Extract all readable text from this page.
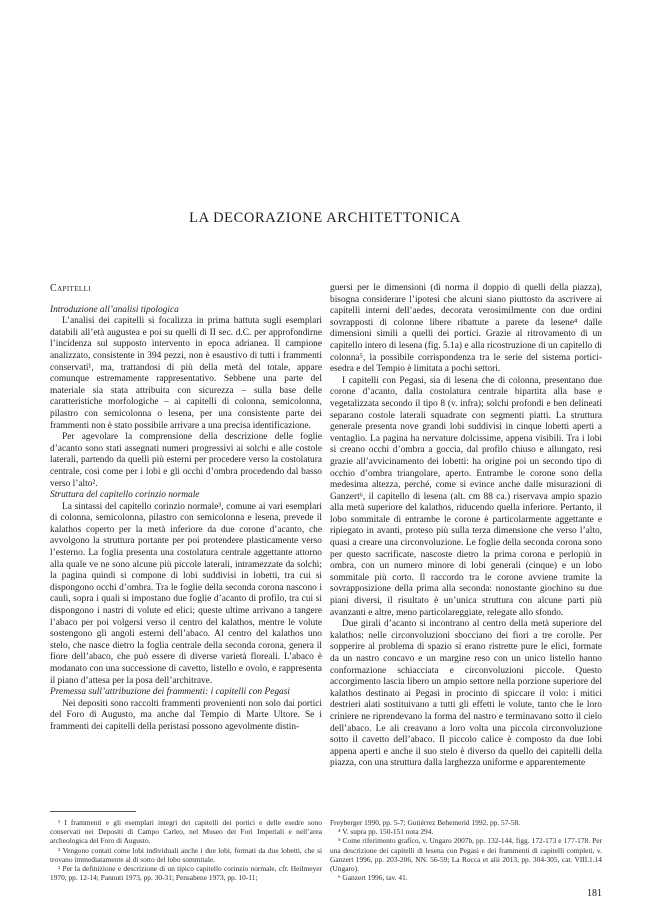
LA DECORAZIONE ARCHITETTONICA
Capitelli

Introduzione all’analisi tipologica

L’analisi dei capitelli si focalizza in prima battuta sugli esemplari databili all’età augustea e poi su quelli di II sec. d.C. per approfondirne l’incidenza sul supposto intervento in epoca adrianea. Il campione analizzato, consistente in 394 pezzi, non è esaustivo di tutti i frammenti conservati¹, ma, trattandosi di più della metà del totale, appare comunque estremamente rappresentativo. Sebbene una parte del materiale sia stata attribuita con sicurezza – sulla base delle caratteristiche morfologiche – ai capitelli di colonna, semicolonna, pilastro con semicolonna o lesena, per una consistente parte dei frammenti non è stato possibile arrivare a una precisa identificazione.

Per agevolare la comprensione della descrizione delle foglie d’acanto sono stati assegnati numeri progressivi ai solchi e alle costole laterali, partendo da quelli più esterni per procedere verso la costolatura centrale, così come per i lobi e gli occhi d’ombra procedendo dal basso verso l’alto².

Struttura del capitello corinzio normale

La sintassi del capitello corinzio normale³, comune ai vari esemplari di colonna, semicolonna, pilastro con semicolonna e lesena, prevede il kalathos coperto per la metà inferiore da due corone d’acanto, che avvolgono la struttura portante per poi protendere plasticamente verso l’esterno. La foglia presenta una costolatura centrale aggettante attorno alla quale ve ne sono alcune più piccole laterali, intramezzate da solchi; la pagina quindi si compone di lobi suddivisi in lobetti, tra cui si dispongono occhi d’ombra. Tra le foglie della seconda corona nascono i cauli, sopra i quali si impostano due foglie d’acanto di profilo, tra cui si dispongono i nastri di volute ed elici; queste ultime arrivano a tangere l’abaco per poi volgersi verso il centro del kalathos, mentre le volute sostengono gli angoli esterni dell’abaco. Al centro del kalathos uno stelo, che nasce dietro la foglia centrale della seconda corona, genera il fiore dell’abaco, che può essere di diverse varietà floreali. L’abaco è modanato con una successione di cavetto, listello e ovolo, e rappresenta il piano d’attesa per la posa dell’architrave.

Premessa sull’attribuzione dei frammenti: i capitelli con Pegasi

Nei depositi sono raccolti frammenti provenienti non solo dai portici del Foro di Augusto, ma anche dal Tempio di Marte Ultore. Se i frammenti dei capitelli della peristasi possono agevolmente distin-

guersi per le dimensioni (di norma il doppio di quelli della piazza), bisogna considerare l’ipotesi che alcuni siano piuttosto da ascrivere ai capitelli interni dell’aedes, decorata verosimilmente con due ordini sovrapposti di colonne libere ribattute a parete da lesene⁴ dalle dimensioni simili a quelli dei portici. Grazie al ritrovamento di un capitello intero di lesena (fig. 5.1a) e alla ricostruzione di un capitello di colonna⁵, la possibile corrispondenza tra le serie del sistema portici-esedra e del Tempio è limitata a pochi settori.

I capitelli con Pegasi, sia di lesena che di colonna, presentano due corone d’acanto, dalla costolatura centrale bipartita alla base e vegetalizzata secondo il tipo 8 (v. infra); solchi profondi e ben delineati separano costole laterali squadrate con segmenti piatti. La struttura generale presenta nove grandi lobi suddivisi in cinque lobetti aperti a ventaglio. La pagina ha nervature dolcissime, appena visibili. Tra i lobi si creano occhi d’ombra a goccia, dal profilo chiuso e allungato, resi grazie all’avvicinamento dei lobetti: ha origine poi un secondo tipo di occhio d’ombra triangolare, aperto. Entrambe le corone sono della medesima altezza, perché, come si evince anche dalle misurazioni di Ganzert⁶, il capitello di lesena (alt. cm 88 ca.) riservava ampio spazio alla metà superiore del kalathos, riducendo quella inferiore. Pertanto, il lobo sommitale di entrambe le corone è particolarmente aggettante e ripiegato in avanti, proteso più sulla terza dimensione che verso l’alto, quasi a creare una circonvoluzione. Le foglie della seconda corona sono per questo sacrificate, nascoste dietro la prima corona e perlopiù in ombra, con un numero minore di lobi generali (cinque) e un lobo sommitale più corto. Il raccordo tra le corone avviene tramite la sovrapposizione della prima alla seconda: nonostante giochino su due piani diversi, il risultato è un’unica struttura con alcune parti più avanzanti e altre, meno particolareggiate, relegate allo sfondo.

Due girali d’acanto si incontrano al centro della metà superiore del kalathos: nelle circonvoluzioni sbocciano dei fiori a tre corolle. Per sopperire al problema di spazio si erano ristrette pure le elici, formate da un nastro concavo e un margine reso con un unico listello hanno conformazione schiacciata e circonvoluzioni piccole. Questo accorgimento lascia libero un ampio settore nella porzione superiore del kalathos destinato ai Pegasi in procinto di spiccare il volo: i mitici destrieri alati sostituivano a tutti gli effetti le volute, tanto che le loro criniere ne riprendevano la forma del nastro e terminavano sotto il cielo dell’abaco. Le ali creavano a loro volta una piccola circonvoluzione sotto il cavetto dell’abaco. Il piccolo calice è composto da due lobi appena aperti e anche il suo stelo è diverso da quello dei capitelli della piazza, con una struttura dalla larghezza uniforme e apparentemente

¹ I frammenti e gli esemplari integri dei capitelli dei portici e delle esedre sono conservati nei Depositi di Campo Carleo, nel Museo dei Fori Imperiali e nell’area archeologica del Foro di Augusto.

² Vengono contati come lobi individuali anche i due lobi, formati da due lobetti, che si trovano immediatamente al di sotto del lobo sommitale.

³ Per la definizione e descrizione di un tipico capitello corinzio normale, cfr. Heilmeyer 1970, pp. 12-14; Pannuti 1973, pp. 30-31; Pensabene 1973, pp. 10-11;

Freyberger 1990, pp. 5-7; Gutiérrez Behemerid 1992, pp. 57-58.

⁴ V. supra pp. 150-151 nota 294.

⁵ Come riferimento grafico, v. Ungaro 2007b, pp. 132-144, figg. 172-173 e 177-178. Per una descrizione dei capitelli di lesena con Pegasi e dei frammenti di capitelli completi, v. Ganzert 1996, pp. 203-206, NN. 56-59; La Rocca et alii 2013, pp. 304-305, cat. VIII.1.14 (Ungaro).

⁶ Ganzert 1996, tav. 41.

181
